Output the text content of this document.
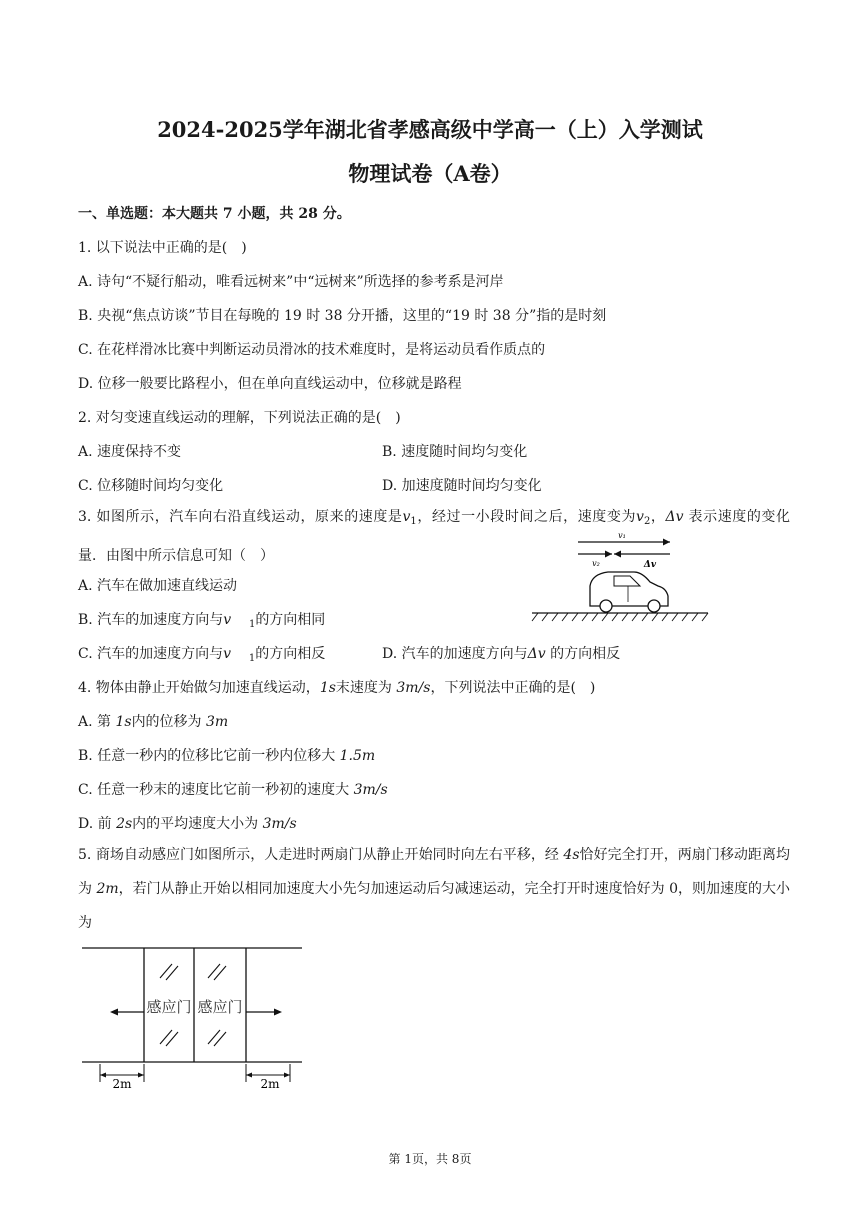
2024-2025学年湖北省孝感高级中学高一（上）入学测试
物理试卷（A卷）
一、单选题：本大题共 7 小题，共 28 分。
1. 以下说法中正确的是(　)
A. 诗句“不疑行船动，唯看远树来”中“远树来”所选择的参考系是河岸
B. 央视“焦点访谈”节目在每晚的 19 时 38 分开播，这里的“19 时 38 分”指的是时刻
C. 在花样滑冰比赛中判断运动员滑冰的技术难度时，是将运动员看作质点的
D. 位移一般要比路程小，但在单向直线运动中，位移就是路程
2. 对匀变速直线运动的理解，下列说法正确的是(　)
A. 速度保持不变	B. 速度随时间均匀变化
C. 位移随时间均匀变化	D. 加速度随时间均匀变化
3. 如图所示，汽车向右沿直线运动，原来的速度是$v_1$，经过一小段时间之后，速度变为$v_2$，Δv 表示速度的变化量．由图中所示信息可知（　）
A. 汽车在做加速直线运动
B. 汽车的加速度方向与v $_1$的方向相同
C. 汽车的加速度方向与v $_1$的方向相反	D. 汽车的加速度方向与Δv 的方向相反
v₁
v₂	Δv
4. 物体由静止开始做匀加速直线运动，1s末速度为 3m/s，下列说法中正确的是(　)
A. 第 1s内的位移为 3m
B. 任意一秒内的位移比它前一秒内位移大 1.5m
C. 任意一秒末的速度比它前一秒初的速度大 3m/s
D. 前 2s内的平均速度大小为 3m/s
5. 商场自动感应门如图所示，人走进时两扇门从静止开始同时向左右平移，经 4s恰好完全打开，两扇门移动距离均为 2m，若门从静止开始以相同加速度大小先匀加速运动后匀减速运动，完全打开时速度恰好为 0，则加速度的大小为
感应门 感应门
2m	2m
第 1页，共 8页
